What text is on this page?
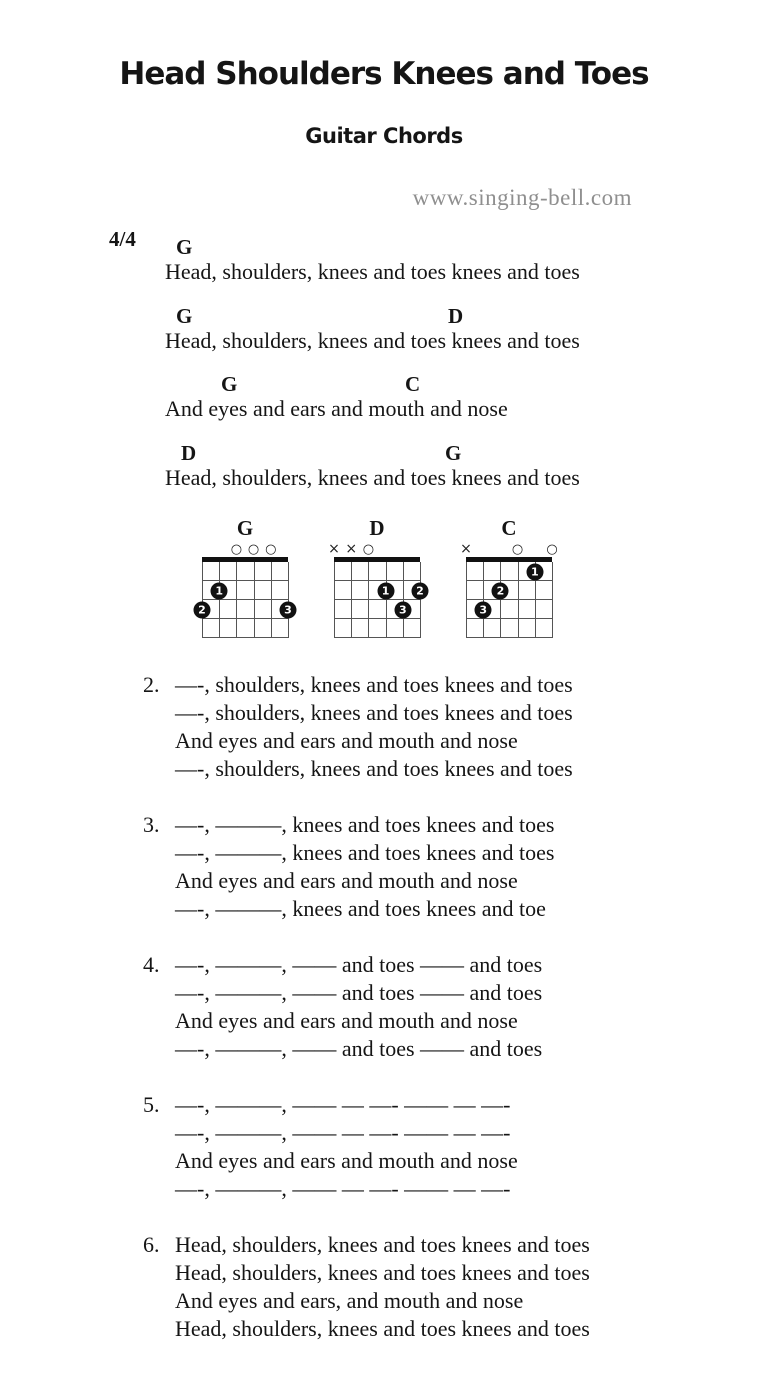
Head Shoulders Knees and Toes
Guitar Chords
www.singing-bell.com
4/4 G
Head, shoulders, knees and toes knees and toes
G	D
Head, shoulders, knees and toes knees and toes
G	C
And eyes and ears and mouth and nose
D	G
Head, shoulders, knees and toes knees and toes
G
○ ○ ○
1
2	3
D
× × ○
1	2
3
C
×	○ ○
1
2
3
2. —-, shoulders, knees and toes knees and toes
—-, shoulders, knees and toes knees and toes
And eyes and ears and mouth and nose
—-, shoulders, knees and toes knees and toes
3. —-, ———, knees and toes knees and toes
—-, ———, knees and toes knees and toes
And eyes and ears and mouth and nose
—-, ———, knees and toes knees and toe
4. —-, ———, —— and toes —— and toes
—-, ———, —— and toes —— and toes
And eyes and ears and mouth and nose
—-, ———, —— and toes —— and toes
5. —-, ———, —— — —- —— — —-
—-, ———, —— — —- —— — —-
And eyes and ears and mouth and nose
—-, ———, —— — —- —— — —-
6. Head, shoulders, knees and toes knees and toes
Head, shoulders, knees and toes knees and toes
And eyes and ears, and mouth and nose
Head, shoulders, knees and toes knees and toes
